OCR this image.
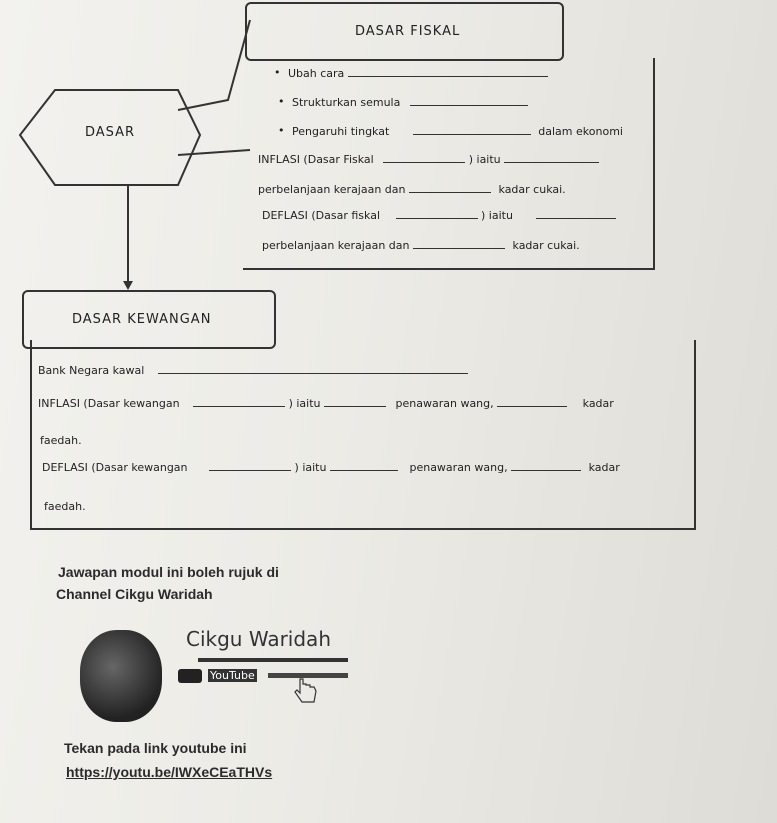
DASAR
DASAR FISKAL
• Ubah cara
• Strukturkan semula
• Pengaruhi tingkat	dalam ekonomi
INFLASI (Dasar Fiskal	) iaitu
perbelanjaan kerajaan dan	kadar cukai.
DEFLASI (Dasar fiskal	) iaitu
perbelanjaan kerajaan dan	kadar cukai.
DASAR KEWANGAN
Bank Negara kawal
INFLASI (Dasar kewangan	) iaitu	penawaran wang,	kadar
faedah.
DEFLASI (Dasar kewangan	) iaitu	penawaran wang,	kadar
faedah.
Jawapan modul ini boleh rujuk di
Channel Cikgu Waridah
Cikgu Waridah
YouTube
Tekan pada link youtube ini
https://youtu.be/IWXeCEaTHVs
